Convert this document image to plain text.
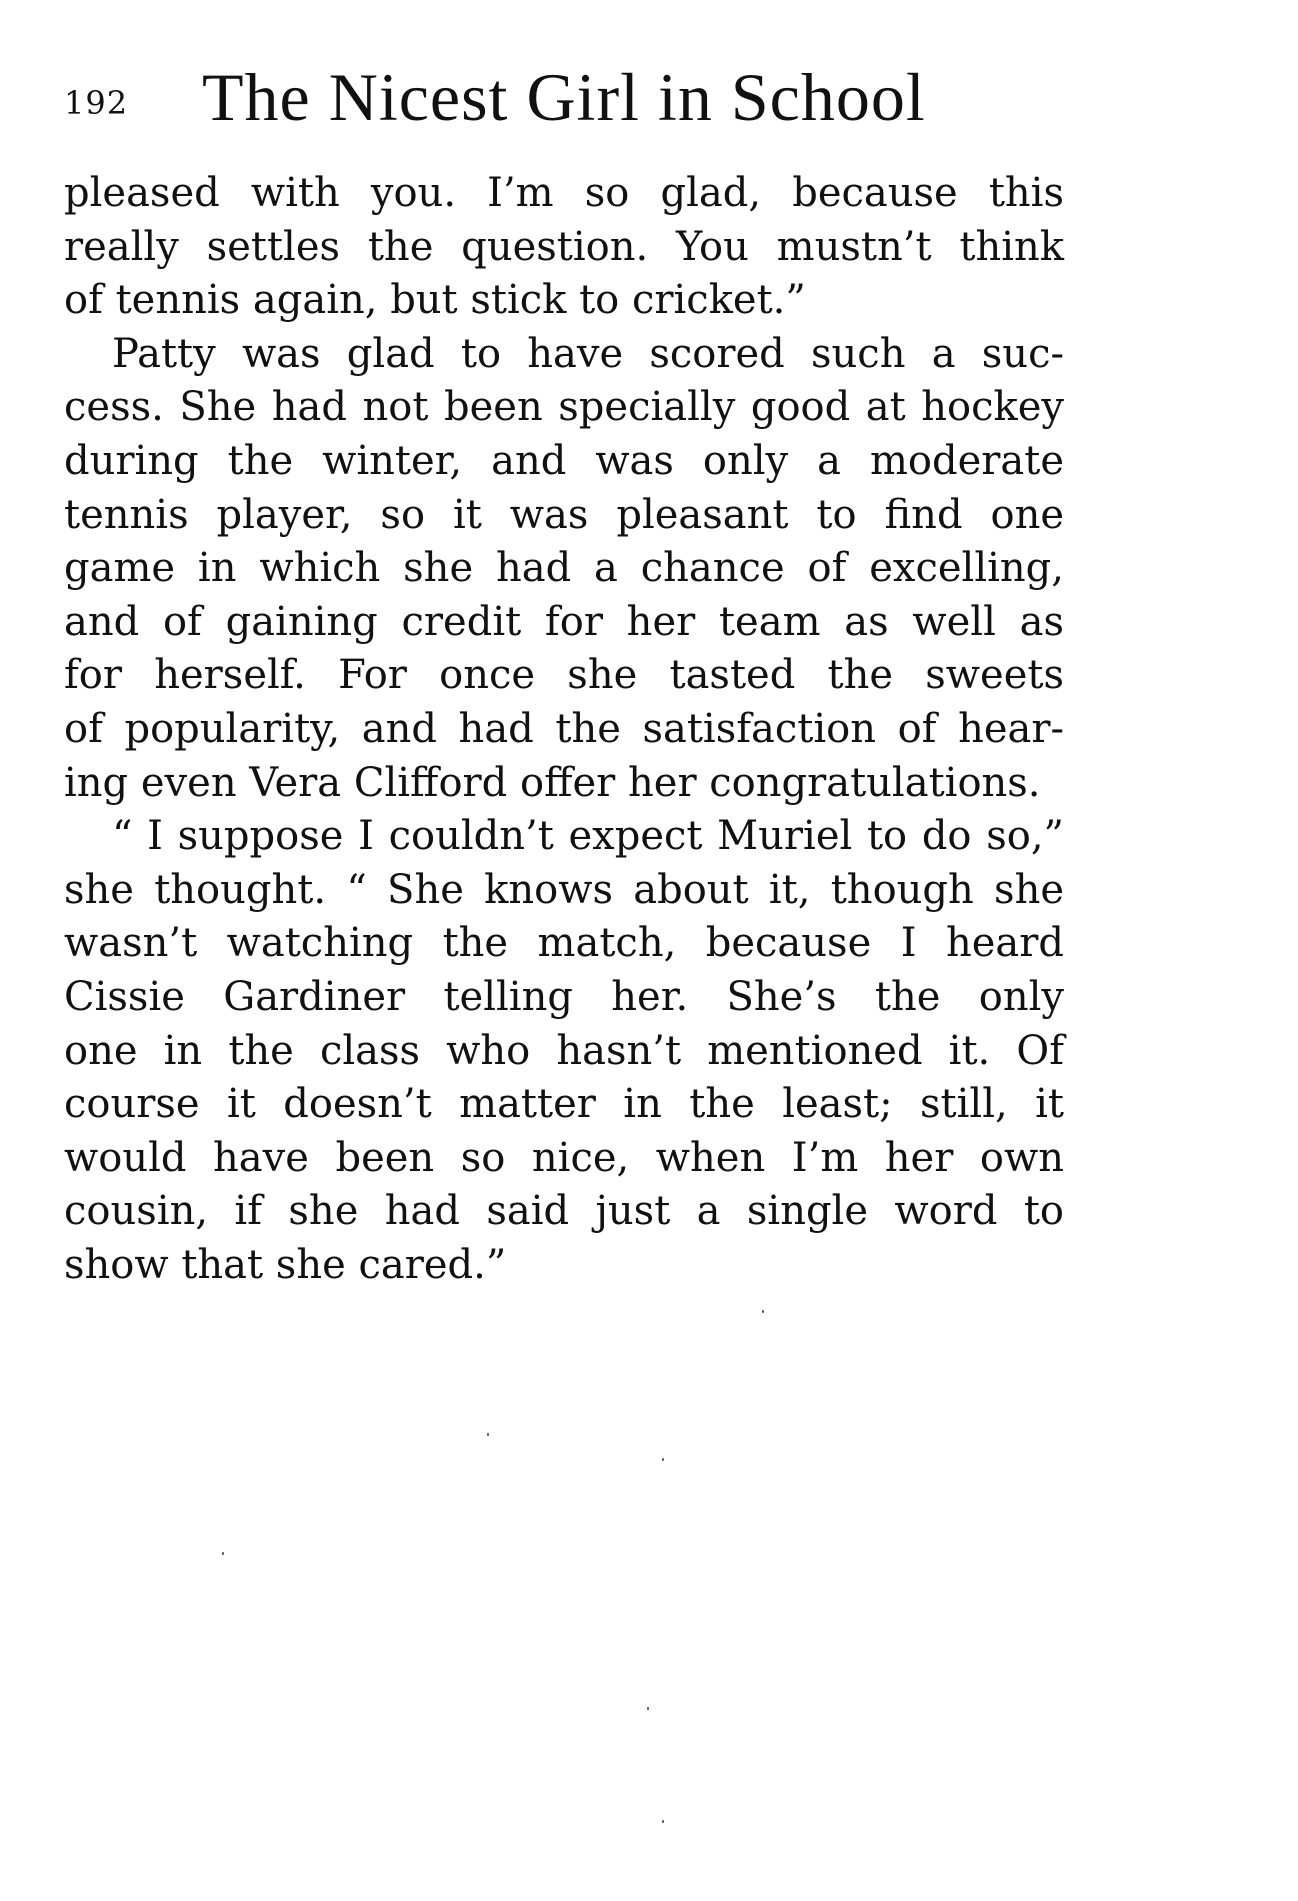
192 The Nicest Girl in School
pleased with you. I’m so glad, because this
really settles the question. You mustn’t think
of tennis again, but stick to cricket.”
Patty was glad to have scored such a suc-
cess. She had not been specially good at hockey
during the winter, and was only a moderate
tennis player, so it was pleasant to find one
game in which she had a chance of excelling,
and of gaining credit for her team as well as
for herself. For once she tasted the sweets
of popularity, and had the satisfaction of hear-
ing even Vera Clifford offer her congratulations.
“ I suppose I couldn’t expect Muriel to do so,”
she thought. “ She knows about it, though she
wasn’t watching the match, because I heard
Cissie Gardiner telling her. She’s the only
one in the class who hasn’t mentioned it. Of
course it doesn’t matter in the least; still, it
would have been so nice, when I’m her own
cousin, if she had said just a single word to
show that she cared.”
